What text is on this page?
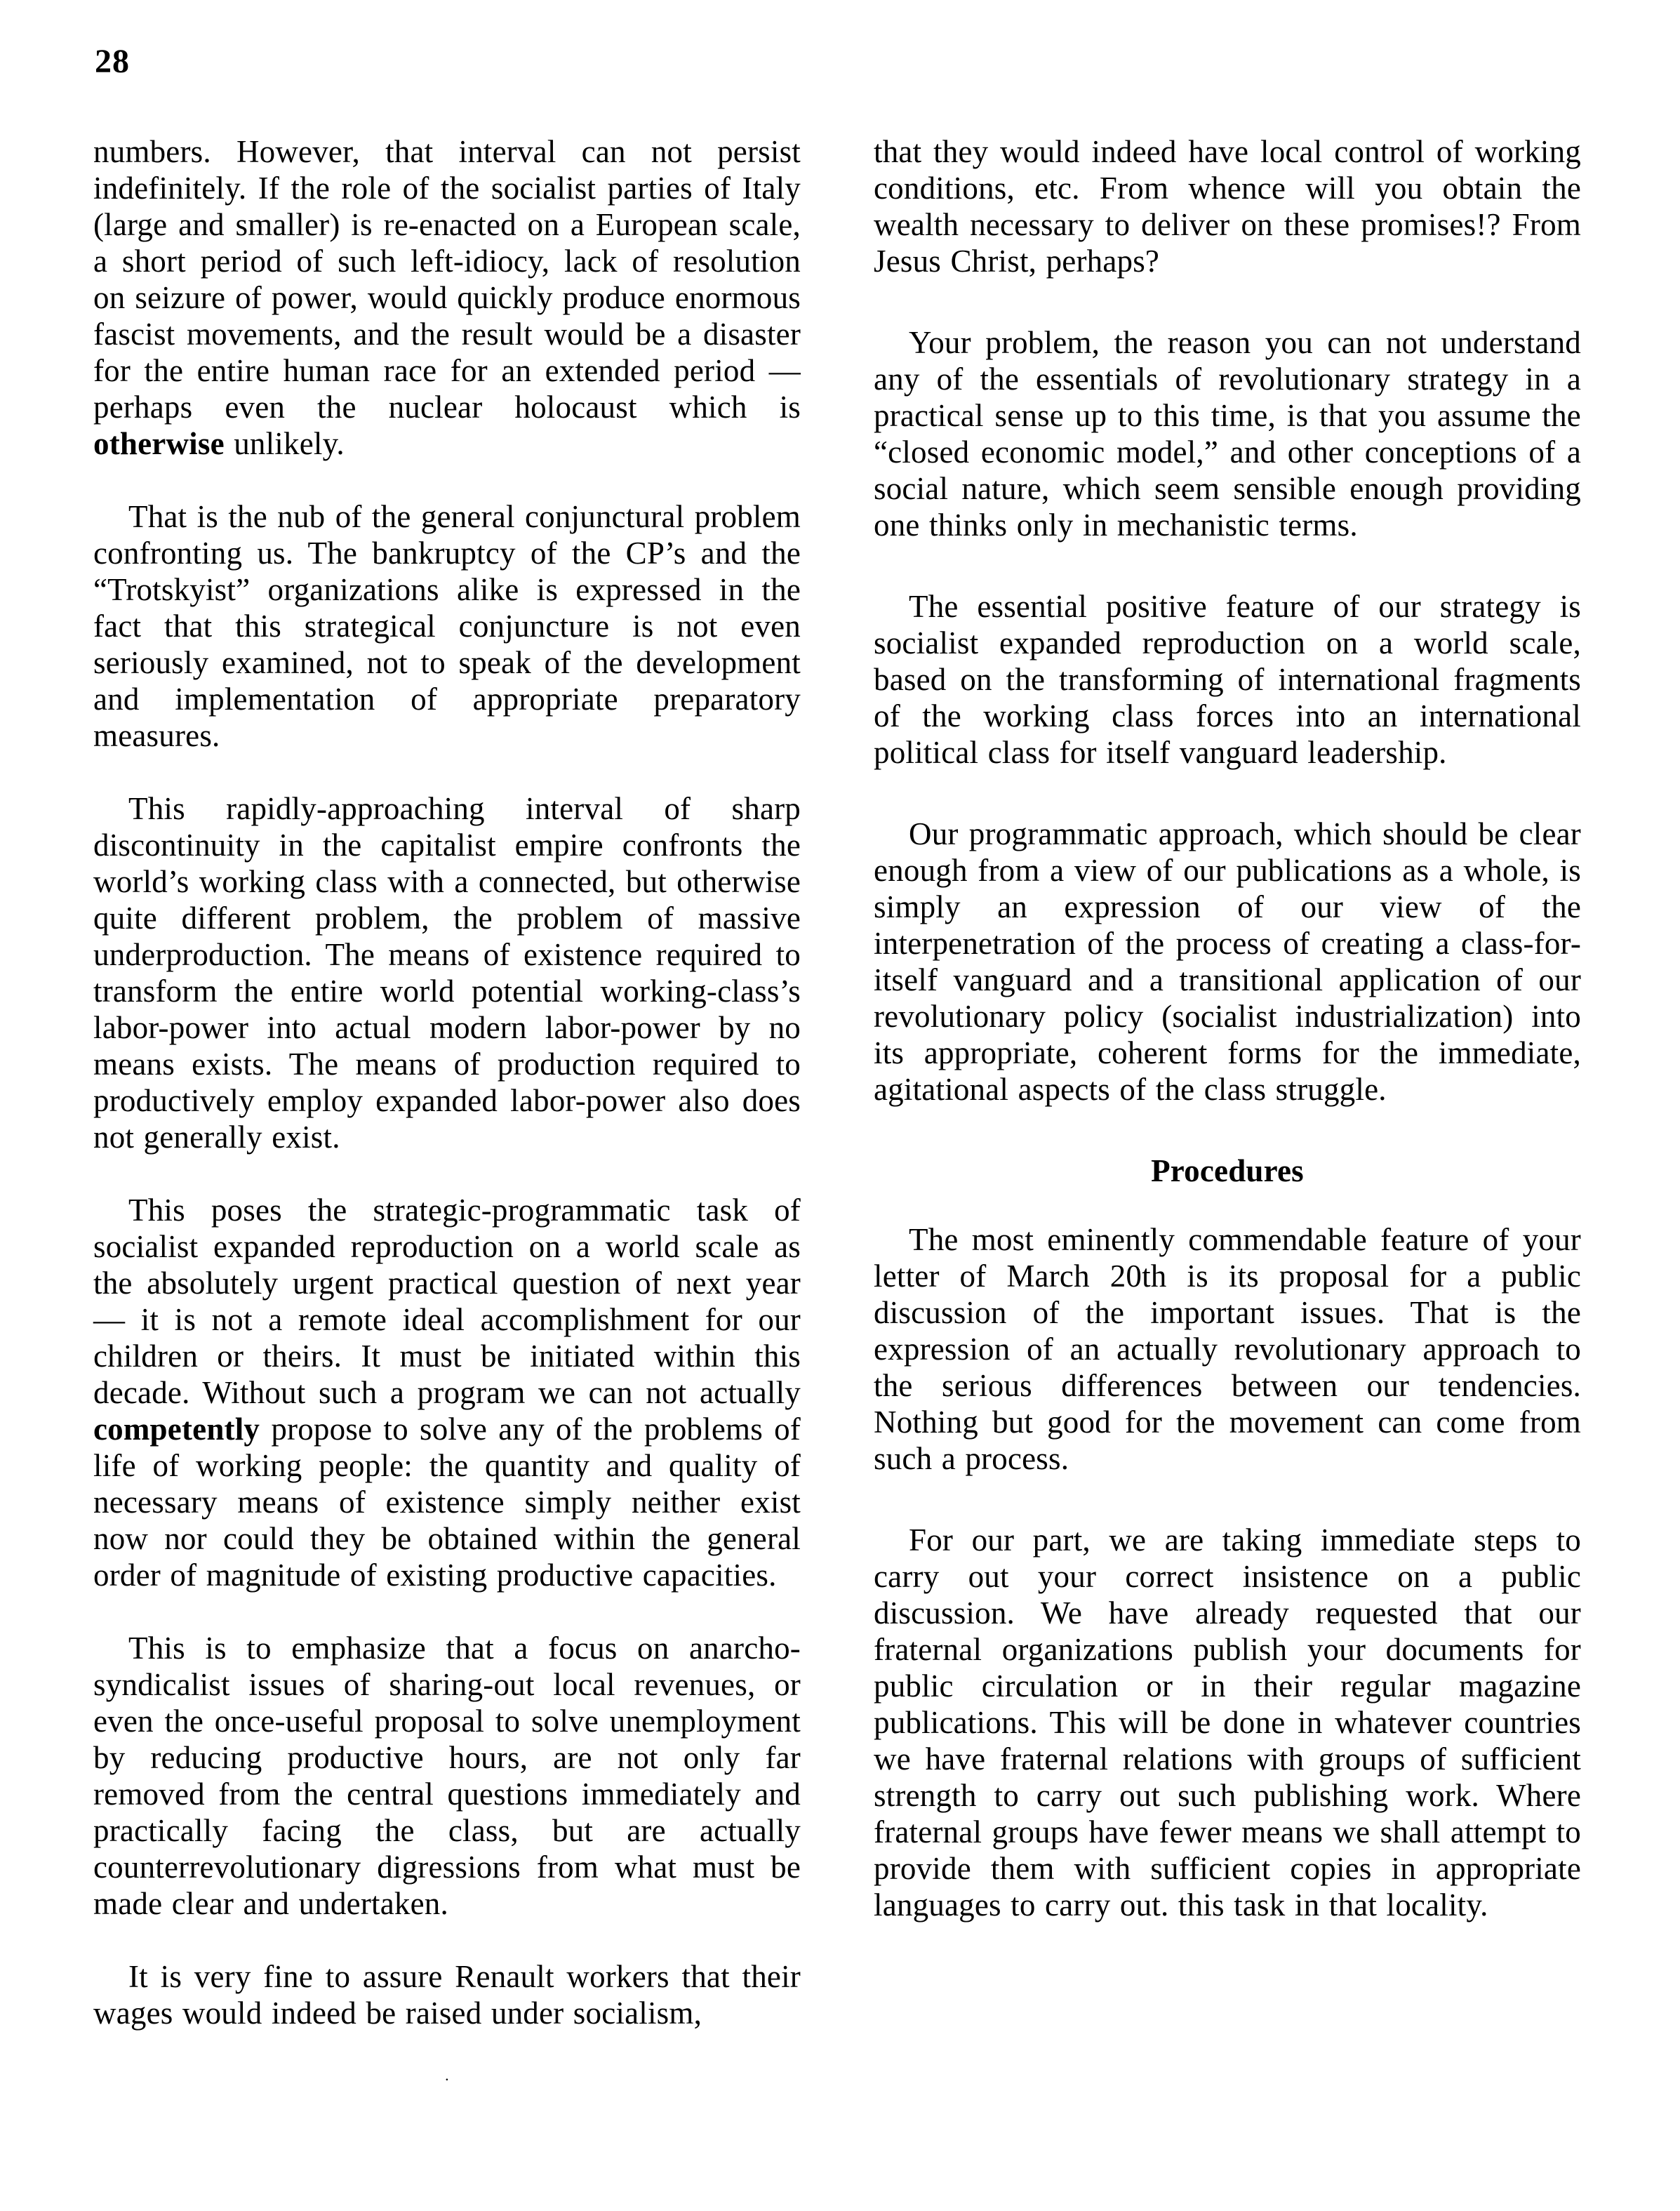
28

numbers. However, that interval can not persist indefinitely. If the role of the socialist parties of Italy (large and smaller) is re-enacted on a European scale, a short period of such left-idiocy, lack of resolution on seizure of power, would quickly produce enormous fascist movements, and the result would be a disaster for the entire human race for an extended period — perhaps even the nuclear holocaust which is otherwise unlikely.

That is the nub of the general conjunctural problem confronting us. The bankruptcy of the CP’s and the “Trotskyist” organizations alike is expressed in the fact that this strategical conjuncture is not even seriously examined, not to speak of the development and implementation of appropriate preparatory measures.

This rapidly-approaching interval of sharp discontinuity in the capitalist empire confronts the world’s working class with a connected, but otherwise quite different problem, the problem of massive underproduction. The means of existence required to transform the entire world potential working-class’s labor-power into actual modern labor-power by no means exists. The means of production required to productively employ expanded labor-power also does not generally exist.

This poses the strategic-programmatic task of socialist expanded reproduction on a world scale as the absolutely urgent practical question of next year — it is not a remote ideal accomplishment for our children or theirs. It must be initiated within this decade. Without such a program we can not actually competently propose to solve any of the problems of life of working people: the quantity and quality of necessary means of existence simply neither exist now nor could they be obtained within the general order of magnitude of existing productive capacities.

This is to emphasize that a focus on anarcho-syndicalist issues of sharing-out local revenues, or even the once-useful proposal to solve unemployment by reducing productive hours, are not only far removed from the central questions immediately and practically facing the class, but are actually counterrevolutionary digressions from what must be made clear and undertaken.

It is very fine to assure Renault workers that their wages would indeed be raised under socialism,

.

that they would indeed have local control of working conditions, etc. From whence will you obtain the wealth necessary to deliver on these promises!? From Jesus Christ, perhaps?

Your problem, the reason you can not understand any of the essentials of revolutionary strategy in a practical sense up to this time, is that you assume the “closed economic model,” and other conceptions of a social nature, which seem sensible enough providing one thinks only in mechanistic terms.

The essential positive feature of our strategy is socialist expanded reproduction on a world scale, based on the transforming of international fragments of the working class forces into an international political class for itself vanguard leadership.

Our programmatic approach, which should be clear enough from a view of our publications as a whole, is simply an expression of our view of the interpenetration of the process of creating a class-for-itself vanguard and a transitional application of our revolutionary policy (socialist industrialization) into its appropriate, coherent forms for the immediate, agitational aspects of the class struggle.

Procedures

The most eminently commendable feature of your letter of March 20th is its proposal for a public discussion of the important issues. That is the expression of an actually revolutionary approach to the serious differences between our tendencies. Nothing but good for the movement can come from such a process.

For our part, we are taking immediate steps to carry out your correct insistence on a public discussion. We have already requested that our fraternal organizations publish your documents for public circulation or in their regular magazine publications. This will be done in whatever countries we have fraternal relations with groups of sufficient strength to carry out such publishing work. Where fraternal groups have fewer means we shall attempt to provide them with sufficient copies in appropriate languages to carry out. this task in that locality.
